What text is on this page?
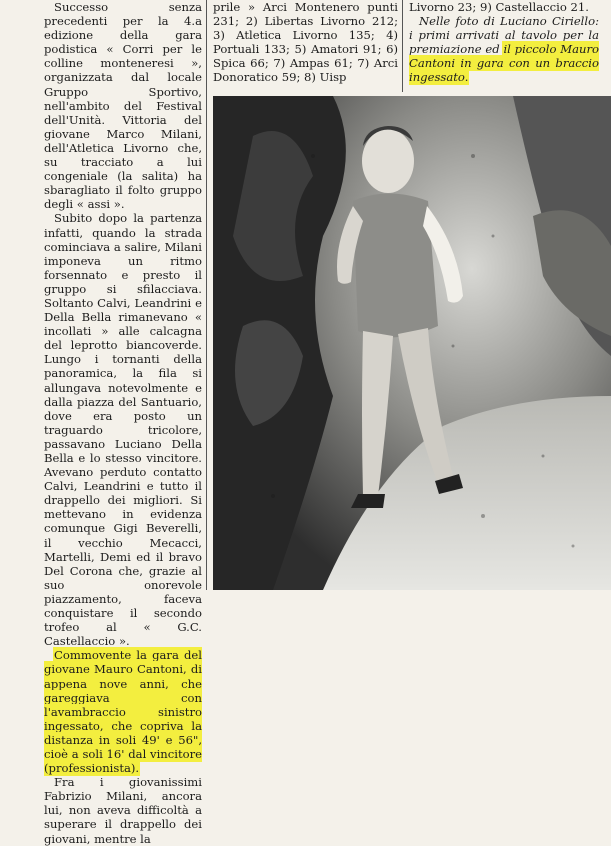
Successo senza precedenti per la 4.a edizione della gara podistica « Corri per le colline monteneresi », organizzata dal locale Gruppo Sportivo, nell'ambito del Festival dell'Unità. Vittoria del giovane Marco Milani, dell'Atletica Livorno che, su tracciato a lui congeniale (la salita) ha sbaragliato il folto gruppo degli « assi ».

Subito dopo la partenza infatti, quando la strada cominciava a salire, Milani imponeva un ritmo forsennato e presto il gruppo si sfilacciava. Soltanto Calvi, Leandrini e Della Bella rimanevano « incollati » alle calcagna del leprotto biancoverde. Lungo i tornanti della panoramica, la fila si allungava notevolmente e dalla piazza del Santuario, dove era posto un traguardo tricolore, passavano Luciano Della Bella e lo stesso vincitore. Avevano perduto contatto Calvi, Leandrini e tutto il drappello dei migliori. Si mettevano in evidenza comunque Gigi Beverelli, il vecchio Mecacci, Martelli, Demi ed il bravo Del Corona che, grazie al suo onorevole piazzamento, faceva conquistare il secondo trofeo al « G.C. Castellaccio ».

Commovente la gara del giovane Mauro Cantoni, di appena nove anni, che gareggiava con l'avambraccio sinistro ingessato, che copriva la distanza in soli 49' e 56", cioè a soli 16' dal vincitore (professionista).

Fra i giovanissimi Fabrizio Milani, ancora lui, non aveva difficoltà a superare il drappello dei giovani, mentre la

prile » Arci Montenero punti 231; 2) Libertas Livorno 212; 3) Atletica Livorno 135; 4) Portuali 133; 5) Amatori 91; 6) Spica 66; 7) Ampas 61; 7) Arci Donoratico 59; 8) Uisp

Livorno 23; 9) Castellaccio 21.

Nelle foto di Luciano Ciriello: i primi arrivati al tavolo per la premiazione ed il piccolo Mauro Cantoni in gara con un braccio ingessato.
